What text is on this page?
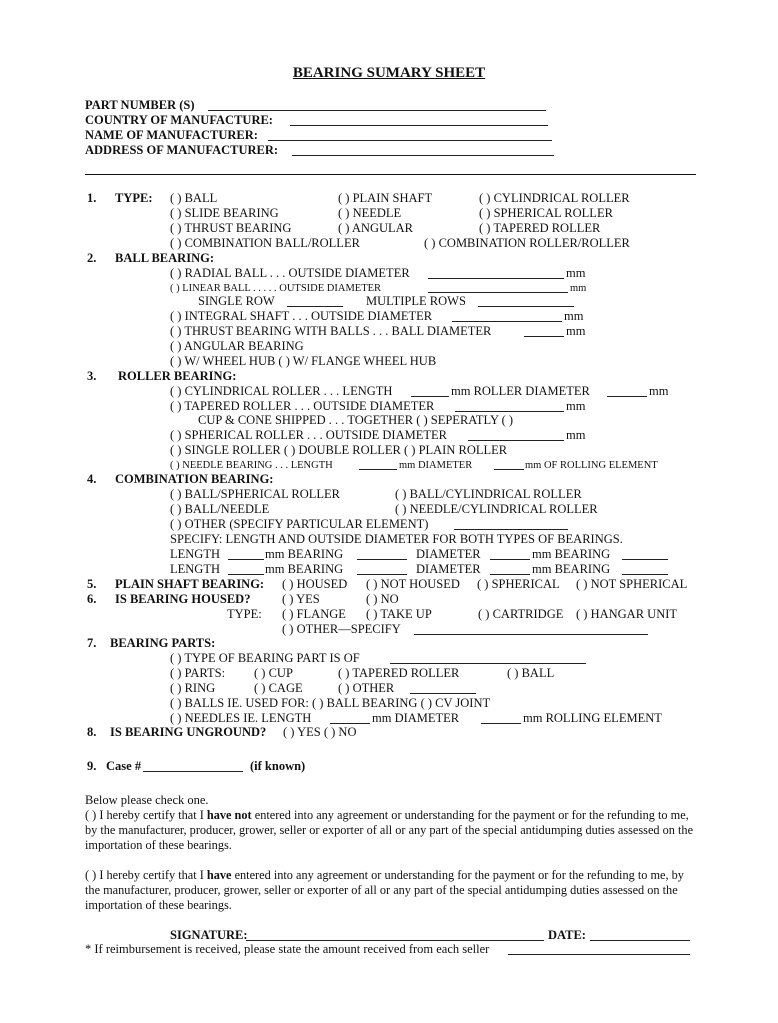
BEARING SUMARY SHEET
PART NUMBER (S)
COUNTRY OF MANUFACTURE:
NAME OF MANUFACTURER:
ADDRESS OF MANUFACTURER:
1. TYPE: ( ) BALL	( ) PLAIN SHAFT	( ) CYLINDRICAL ROLLER
( ) SLIDE BEARING	( ) NEEDLE	( ) SPHERICAL ROLLER
( ) THRUST BEARING	( ) ANGULAR	( ) TAPERED ROLLER
( ) COMBINATION BALL/ROLLER	( ) COMBINATION ROLLER/ROLLER
2. BALL BEARING:
( ) RADIAL BALL . . . OUTSIDE DIAMETER	mm
( ) LINEAR BALL . . . . . OUTSIDE DIAMETER	mm
SINGLE ROW	MULTIPLE ROWS
( ) INTEGRAL SHAFT . . . OUTSIDE DIAMETER	mm
( ) THRUST BEARING WITH BALLS . . . BALL DIAMETER	mm
( ) ANGULAR BEARING
( ) W/ WHEEL HUB ( ) W/ FLANGE WHEEL HUB
3. ROLLER BEARING:
( ) CYLINDRICAL ROLLER . . . LENGTH	mm ROLLER DIAMETER	mm
( ) TAPERED ROLLER . . . OUTSIDE DIAMETER	mm
CUP & CONE SHIPPED . . . TOGETHER ( ) SEPERATLY ( )
( ) SPHERICAL ROLLER . . . OUTSIDE DIAMETER	mm
( ) SINGLE ROLLER ( ) DOUBLE ROLLER ( ) PLAIN ROLLER
( ) NEEDLE BEARING . . . LENGTH	mm DIAMETER	mm OF ROLLING ELEMENT
4. COMBINATION BEARING:
( ) BALL/SPHERICAL ROLLER	( ) BALL/CYLINDRICAL ROLLER
( ) BALL/NEEDLE	( ) NEEDLE/CYLINDRICAL ROLLER
( ) OTHER (SPECIFY PARTICULAR ELEMENT)
SPECIFY: LENGTH AND OUTSIDE DIAMETER FOR BOTH TYPES OF BEARINGS.
LENGTH	mm BEARING	DIAMETER	mm BEARING
LENGTH	mm BEARING	DIAMETER	mm BEARING
5. PLAIN SHAFT BEARING: ( ) HOUSED ( ) NOT HOUSED ( ) SPHERICAL ( ) NOT SPHERICAL
6. IS BEARING HOUSED?	( ) YES	( ) NO
TYPE: ( ) FLANGE ( ) TAKE UP	( ) CARTRIDGE ( ) HANGAR UNIT
( ) OTHER—SPECIFY
7. BEARING PARTS:
( ) TYPE OF BEARING PART IS OF
( ) PARTS: ( ) CUP	( ) TAPERED ROLLER	( ) BALL
( ) RING	( ) CAGE	( ) OTHER
( ) BALLS IE. USED FOR: ( ) BALL BEARING ( ) CV JOINT
( ) NEEDLES IE. LENGTH	mm DIAMETER	mm ROLLING ELEMENT
8. IS BEARING UNGROUND? ( ) YES ( ) NO
9. Case #	(if known)
Below please check one.
( ) I hereby certify that I have not entered into any agreement or understanding for the payment or for the refunding to me, by the manufacturer, producer, grower, seller or exporter of all or any part of the special antidumping duties assessed on the importation of these bearings.
( ) I hereby certify that I have entered into any agreement or understanding for the payment or for the refunding to me, by the manufacturer, producer, grower, seller or exporter of all or any part of the special antidumping duties assessed on the importation of these bearings.
SIGNATURE:	DATE:
* If reimbursement is received, please state the amount received from each seller
